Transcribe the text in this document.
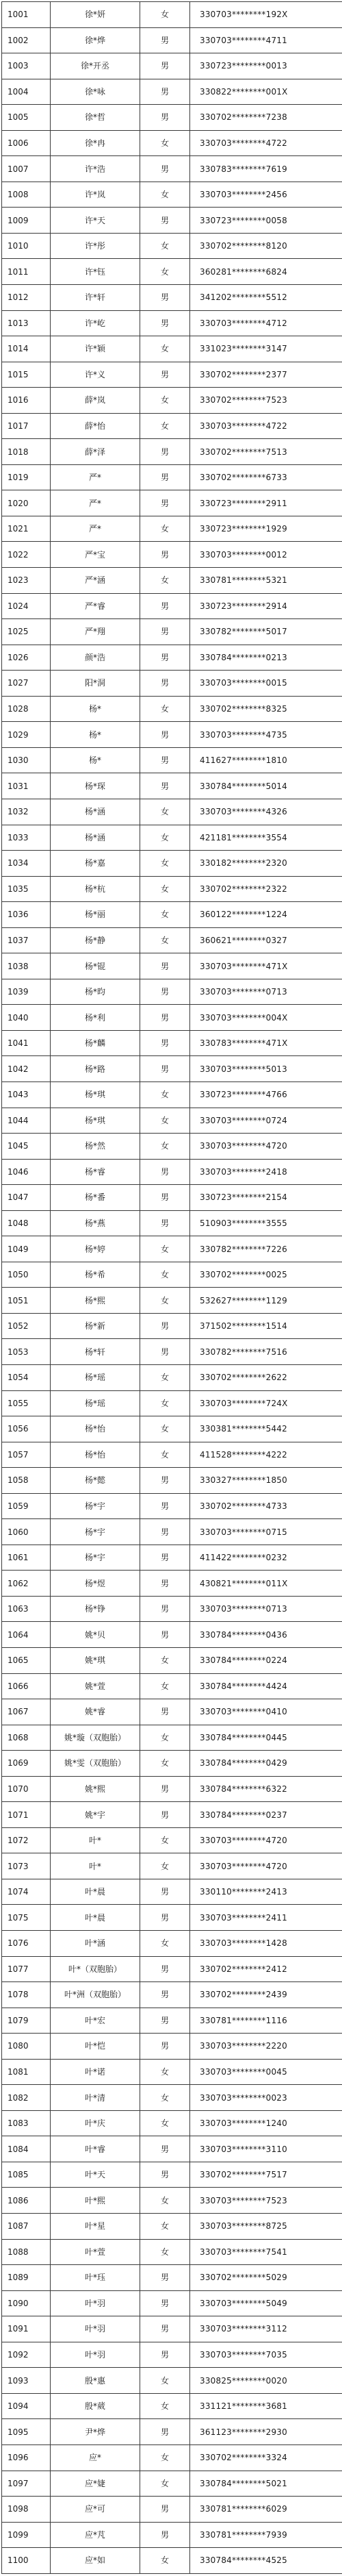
1001	徐*妍	女	330703********192X
1002	徐*烨	男	330703********4711
1003	徐*开丞	男	330723********0013
1004	徐*咏	男	330822********001X
1005	徐*哲	男	330702********7238
1006	徐*冉	女	330703********4722
1007	许*浩	男	330783********7619
1008	许*岚	女	330703********2456
1009	许*天	男	330723********0058
1010	许*彤	女	330702********8120
1011	许*钰	女	360281********6824
1012	许*轩	男	341202********5512
1013	许*屹	男	330703********4712
1014	许*颖	女	331023********3147
1015	许*义	男	330702********2377
1016	薛*岚	女	330702********7523
1017	薛*怡	女	330703********4722
1018	薛*泽	男	330702********7513
1019	严*	男	330702********6733
1020	严*	男	330723********2911
1021	严*	女	330723********1929
1022	严*宝	男	330703********0012
1023	严*涵	女	330781********5321
1024	严*睿	男	330723********2914
1025	严*翔	男	330782********5017
1026	颜*浩	男	330784********0213
1027	阳*洞	男	330703********0015
1028	杨*	女	330702********8325
1029	杨*	男	330703********4735
1030	杨*	男	411627********1810
1031	杨*琛	男	330784********5014
1032	杨*涵	女	330703********4326
1033	杨*涵	女	421181********3554
1034	杨*嘉	女	330182********2320
1035	杨*杭	女	330702********2322
1036	杨*丽	女	360122********1224
1037	杨*静	女	360621********0327
1038	杨*锟	男	330703********471X
1039	杨*昀	男	330703********0713
1040	杨*利	男	330703********004X
1041	杨*麟	男	330783********471X
1042	杨*路	男	330703********5013
1043	杨*琪	女	330723********4766
1044	杨*琪	女	330703********0724
1045	杨*然	女	330703********4720
1046	杨*睿	男	330703********2418
1047	杨*番	男	330723********2154
1048	杨*燕	男	510903********3555
1049	杨*婷	女	330782********7226
1050	杨*希	女	330702********0025
1051	杨*熙	女	532627********1129
1052	杨*新	男	371502********1514
1053	杨*轩	男	330782********7516
1054	杨*瑶	女	330702********2622
1055	杨*瑶	女	330703********724X
1056	杨*怡	女	330381********5442
1057	杨*怡	女	411528********4222
1058	杨*懿	男	330327********1850
1059	杨*宇	男	330702********4733
1060	杨*宇	男	330703********0715
1061	杨*宇	男	411422********0232
1062	杨*煜	男	430821********011X
1063	杨*铮	男	330703********0713
1064	姚*贝	男	330784********0436
1065	姚*琪	女	330784********0224
1066	姚*萱	女	330784********4424
1067	姚*睿	男	330703********0410
1068	姚*璇（双胞胎）	女	330784********0445
1069	姚*雯（双胞胎）	女	330784********0429
1070	姚*熙	男	330784********6322
1071	姚*宇	男	330784********0237
1072	叶*	女	330703********4720
1073	叶*	女	330703********4720
1074	叶*晨	男	330110********2413
1075	叶*晨	男	330703********2411
1076	叶*涵	女	330703********1428
1077	叶*（双胞胎）	男	330702********2412
1078	叶*洲（双胞胎）	男	330702********2439
1079	叶*宏	男	330781********1116
1080	叶*恺	男	330703********2220
1081	叶*诺	女	330703********0045
1082	叶*清	女	330703********0023
1083	叶*庆	女	330703********1240
1084	叶*睿	男	330703********3110
1085	叶*天	男	330702********7517
1086	叶*熙	女	330703********7523
1087	叶*星	女	330703********8725
1088	叶*萱	女	330703********7541
1089	叶*珏	男	330702********5029
1090	叶*羽	男	330703********5049
1091	叶*羽	男	330703********3112
1092	叶*羽	男	330703********7035
1093	殷*惠	女	330825********0020
1094	殷*葳	女	331121********3681
1095	尹*烨	男	361123********2930
1096	应*	女	330702********3324
1097	应*婕	女	330784********5021
1098	应*可	男	330781********6029
1099	应*芃	男	330781********7939
1100	应*如	女	330784********4525
